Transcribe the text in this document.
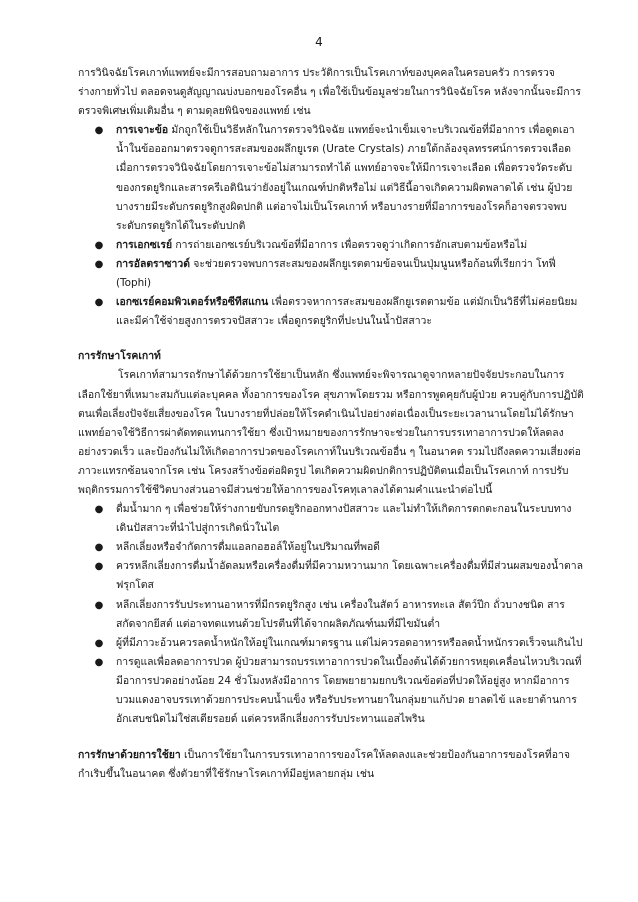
4

การวินิจฉัยโรคเกาท์แพทย์จะมีการสอบถามอาการ ประวัติการเป็นโรคเกาท์ของบุคคลในครอบครัว การตรวจร่างกายทั่วไป ตลอดจนดูสัญญาณบ่งบอกของโรคอื่น ๆ เพื่อใช้เป็นข้อมูลช่วยในการวินิจฉัยโรค หลังจากนั้นจะมีการตรวจพิเศษเพิ่มเติมอื่น ๆ ตามดุลยพินิจของแพทย์ เช่น

● การเจาะข้อ มักถูกใช้เป็นวิธีหลักในการตรวจวินิจฉัย แพทย์จะนำเข็มเจาะบริเวณข้อที่มีอาการ เพื่อดูดเอาน้ำในข้อออกมาตรวจดูการสะสมของผลึกยูเรต (Urate Crystals) ภายใต้กล้องจุลทรรศน์การตรวจเลือด เมื่อการตรวจวินิจฉัยโดยการเจาะข้อไม่สามารถทำได้ แพทย์อาจจะให้มีการเจาะเลือด เพื่อตรวจวัดระดับของกรดยูริกและสารครีเอตินินว่ายังอยู่ในเกณฑ์ปกติหรือไม่ แต่วิธีนี้อาจเกิดความผิดพลาดได้ เช่น ผู้ป่วยบางรายมีระดับกรดยูริกสูงผิดปกติ แต่อาจไม่เป็นโรคเกาท์ หรือบางรายที่มีอาการของโรคก็อาจตรวจพบระดับกรดยูริกได้ในระดับปกติ
● การเอกซเรย์ การถ่ายเอกซเรย์บริเวณข้อที่มีอาการ เพื่อตรวจดูว่าเกิดการอักเสบตามข้อหรือไม่
● การอัลตราซาวด์ จะช่วยตรวจพบการสะสมของผลึกยูเรตตามข้อจนเป็นปุ่มนูนหรือก้อนที่เรียกว่า โทฟี่ (Tophi)
● เอกซเรย์คอมพิวเตอร์หรือซีทีสแกน เพื่อตรวจหาการสะสมของผลึกยูเรตตามข้อ แต่มักเป็นวิธีที่ไม่ค่อยนิยม และมีค่าใช้จ่ายสูงการตรวจปัสสาวะ เพื่อดูกรดยูริกที่ปะปนในน้ำปัสสาวะ

การรักษาโรคเกาท์

โรคเกาท์สามารถรักษาได้ด้วยการใช้ยาเป็นหลัก ซึ่งแพทย์จะพิจารณาดูจากหลายปัจจัยประกอบในการเลือกใช้ยาที่เหมาะสมกับแต่ละบุคคล ทั้งอาการของโรค สุขภาพโดยรวม หรือการพูดคุยกับผู้ป่วย ควบคู่กับการปฏิบัติตนเพื่อเลี่ยงปัจจัยเสี่ยงของโรค ในบางรายที่ปล่อยให้โรคดำเนินไปอย่างต่อเนื่องเป็นระยะเวลานานโดยไม่ได้รักษา แพทย์อาจใช้วิธีการผ่าตัดทดแทนการใช้ยา ซึ่งเป้าหมายของการรักษาจะช่วยในการบรรเทาอาการปวดให้ลดลงอย่างรวดเร็ว และป้องกันไม่ให้เกิดอาการปวดของโรคเกาท์ในบริเวณข้ออื่น ๆ ในอนาคต รวมไปถึงลดความเสี่ยงต่อภาวะแทรกซ้อนจากโรค เช่น โครงสร้างข้อต่อผิดรูป ไตเกิดความผิดปกติการปฏิบัติตนเมื่อเป็นโรคเกาท์ การปรับพฤติกรรมการใช้ชีวิตบางส่วนอาจมีส่วนช่วยให้อาการของโรคทุเลาลงได้ตามคำแนะนำต่อไปนี้

● ดื่มน้ำมาก ๆ เพื่อช่วยให้ร่างกายขับกรดยูริกออกทางปัสสาวะ และไม่ทำให้เกิดการตกตะกอนในระบบทางเดินปัสสาวะที่นำไปสู่การเกิดนิ่วในไต
● หลีกเลี่ยงหรือจำกัดการดื่มแอลกอฮอล์ให้อยู่ในปริมาณที่พอดี
● ควรหลีกเลี่ยงการดื่มน้ำอัดลมหรือเครื่องดื่มที่มีความหวานมาก โดยเฉพาะเครื่องดื่มที่มีส่วนผสมของน้ำตาลฟรุกโตส
● หลีกเลี่ยงการรับประทานอาหารที่มีกรดยูริกสูง เช่น เครื่องในสัตว์ อาหารทะเล สัตว์ปีก ถั่วบางชนิด สารสกัดจากยีสต์ แต่อาจทดแทนด้วยโปรตีนที่ได้จากผลิตภัณฑ์นมที่มีไขมันต่ำ
● ผู้ที่มีภาวะอ้วนควรลดน้ำหนักให้อยู่ในเกณฑ์มาตรฐาน แต่ไม่ควรอดอาหารหรือลดน้ำหนักรวดเร็วจนเกินไป
● การดูแลเพื่อลดอาการปวด ผู้ป่วยสามารถบรรเทาอาการปวดในเบื้องต้นได้ด้วยการหยุดเคลื่อนไหวบริเวณที่มีอาการปวดอย่างน้อย 24 ชั่วโมงหลังมีอาการ โดยพยายามยกบริเวณข้อต่อที่ปวดให้อยู่สูง หากมีอาการบวมแดงอาจบรรเทาด้วยการประคบน้ำแข็ง หรือรับประทานยาในกลุ่มยาแก้ปวด ยาลดไข้ และยาต้านการอักเสบชนิดไม่ใช่สเตียรอยด์ แต่ควรหลีกเลี่ยงการรับประทานแอสไพริน

การรักษาด้วยการใช้ยา เป็นการใช้ยาในการบรรเทาอาการของโรคให้ลดลงและช่วยป้องกันอาการของโรคที่อาจกำเริบขึ้นในอนาคต ซึ่งตัวยาที่ใช้รักษาโรคเกาท์มีอยู่หลายกลุ่ม เช่น
